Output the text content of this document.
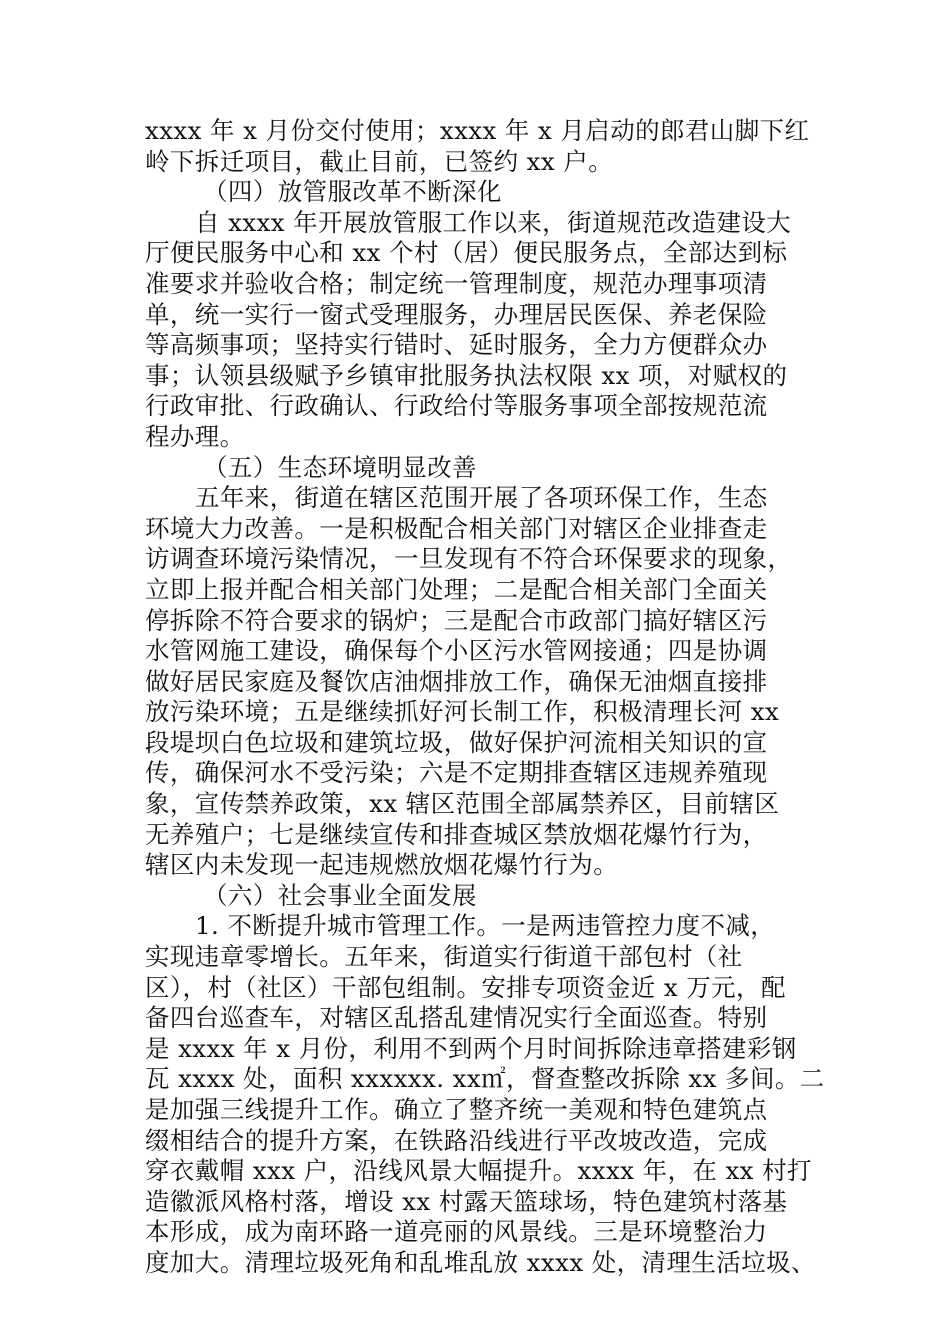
xxxx 年 x 月份交付使用；xxxx 年 x 月启动的郎君山脚下红
岭下拆迁项目，截止目前，已签约 xx 户。
（四）放管服改革不断深化
自 xxxx 年开展放管服工作以来，街道规范改造建设大
厅便民服务中心和 xx 个村（居）便民服务点，全部达到标
准要求并验收合格；制定统一管理制度，规范办理事项清
单，统一实行一窗式受理服务，办理居民医保、养老保险
等高频事项；坚持实行错时、延时服务，全力方便群众办
事；认领县级赋予乡镇审批服务执法权限 xx 项，对赋权的
行政审批、行政确认、行政给付等服务事项全部按规范流
程办理。
（五）生态环境明显改善
五年来，街道在辖区范围开展了各项环保工作，生态
环境大力改善。一是积极配合相关部门对辖区企业排查走
访调查环境污染情况，一旦发现有不符合环保要求的现象，
立即上报并配合相关部门处理；二是配合相关部门全面关
停拆除不符合要求的锅炉；三是配合市政部门搞好辖区污
水管网施工建设，确保每个小区污水管网接通；四是协调
做好居民家庭及餐饮店油烟排放工作，确保无油烟直接排
放污染环境；五是继续抓好河长制工作，积极清理长河 xx
段堤坝白色垃圾和建筑垃圾，做好保护河流相关知识的宣
传，确保河水不受污染；六是不定期排查辖区违规养殖现
象，宣传禁养政策，xx 辖区范围全部属禁养区，目前辖区
无养殖户；七是继续宣传和排查城区禁放烟花爆竹行为，
辖区内未发现一起违规燃放烟花爆竹行为。
（六）社会事业全面发展
1. 不断提升城市管理工作。一是两违管控力度不减，
实现违章零增长。五年来，街道实行街道干部包村（社
区），村（社区）干部包组制。安排专项资金近 x 万元，配
备四台巡查车，对辖区乱搭乱建情况实行全面巡查。特别
是 xxxx 年 x 月份，利用不到两个月时间拆除违章搭建彩钢
瓦 xxxx 处，面积 xxxxxx. xx㎡，督查整改拆除 xx 多间。二
是加强三线提升工作。确立了整齐统一美观和特色建筑点
缀相结合的提升方案，在铁路沿线进行平改坡改造，完成
穿衣戴帽 xxx 户，沿线风景大幅提升。xxxx 年，在 xx 村打
造徽派风格村落，增设 xx 村露天篮球场，特色建筑村落基
本形成，成为南环路一道亮丽的风景线。三是环境整治力
度加大。清理垃圾死角和乱堆乱放 xxxx 处，清理生活垃圾、
